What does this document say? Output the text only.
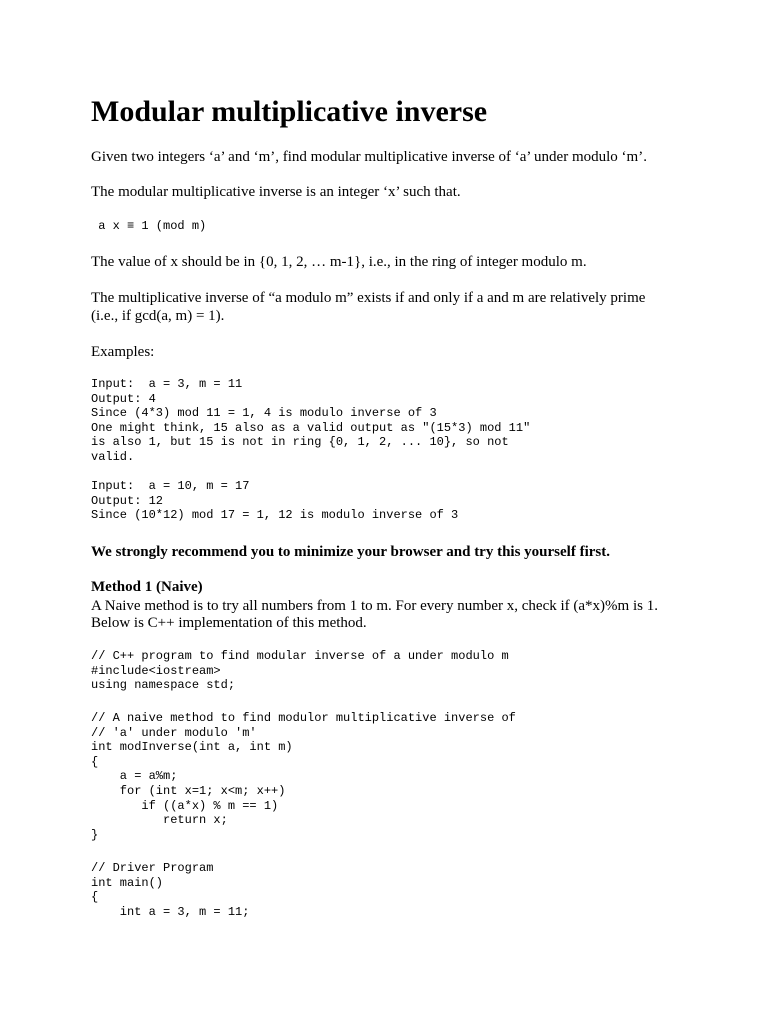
Modular multiplicative inverse

Given two integers ‘a’ and ‘m’, find modular multiplicative inverse of ‘a’ under modulo ‘m’.

The modular multiplicative inverse is an integer ‘x’ such that.

a x ≡ 1 (mod m)

The value of x should be in {0, 1, 2, … m-1}, i.e., in the ring of integer modulo m.

The multiplicative inverse of “a modulo m” exists if and only if a and m are relatively prime

(i.e., if gcd(a, m) = 1).

Examples:

Input:  a = 3, m = 11
Output: 4
Since (4*3) mod 11 = 1, 4 is modulo inverse of 3
One might think, 15 also as a valid output as "(15*3) mod 11"
is also 1, but 15 is not in ring {0, 1, 2, ... 10}, so not
valid.
Input:  a = 10, m = 17
Output: 12
Since (10*12) mod 17 = 1, 12 is modulo inverse of 3

We strongly recommend you to minimize your browser and try this yourself first.

Method 1 (Naive)

A Naive method is to try all numbers from 1 to m. For every number x, check if (a*x)%m is 1.

Below is C++ implementation of this method.

// C++ program to find modular inverse of a under modulo m
#include<iostream>
using namespace std;
// A naive method to find modulor multiplicative inverse of
// 'a' under modulo 'm'
int modInverse(int a, int m)
{
a = a%m;
for (int x=1; x<m; x++)
if ((a*x) % m == 1)
return x;
}
// Driver Program
int main()
{
int a = 3, m = 11;
